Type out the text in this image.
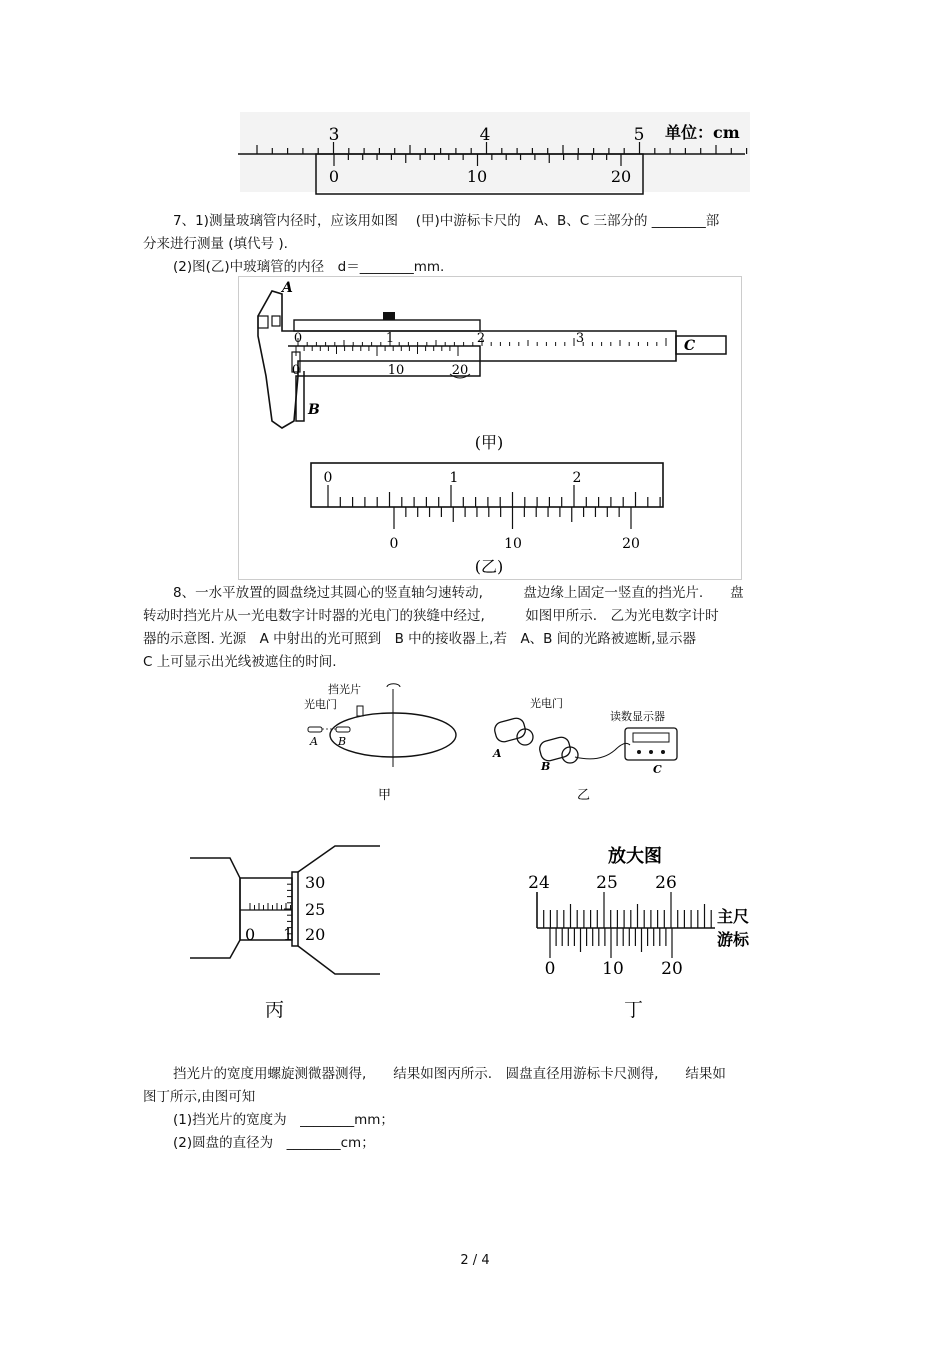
3	4	5 单位：cm
0	10	20

7、1)测量玻璃管内径时，应该用如图 　(甲)中游标卡尺的　A、B、C 三部分的 ________部

分来进行测量 (填代号 ).

(2)图(乙)中玻璃管的内径　d＝________mm.

0	1	2	3
0	10	20
A
B
C
(甲)
0	1	2
0	10	20
(乙)

8、一水平放置的圆盘绕过其圆心的竖直轴匀速转动,　　　盘边缘上固定一竖直的挡光片.　　盘

转动时挡光片从一光电数字计时器的光电门的狭缝中经过,　　　如图甲所示.　乙为光电数字计时

器的示意图. 光源　A 中射出的光可照到　B 中的接收器上,若　A、B 间的光路被遮断,显示器

C 上可显示出光线被遮住的时间.

挡光片
光电门
A B
甲
光电门
读数显示器
A
B	C
乙
30
25
20
0 1
丙
放大图
24	25 26
主尺
游标
0	10 20
丁

挡光片的宽度用螺旋测微器测得,　　结果如图丙所示.　圆盘直径用游标卡尺测得,　　结果如

图丁所示,由图可知

(1)挡光片的宽度为　________mm；

(2)圆盘的直径为　________cm；

2 / 4
